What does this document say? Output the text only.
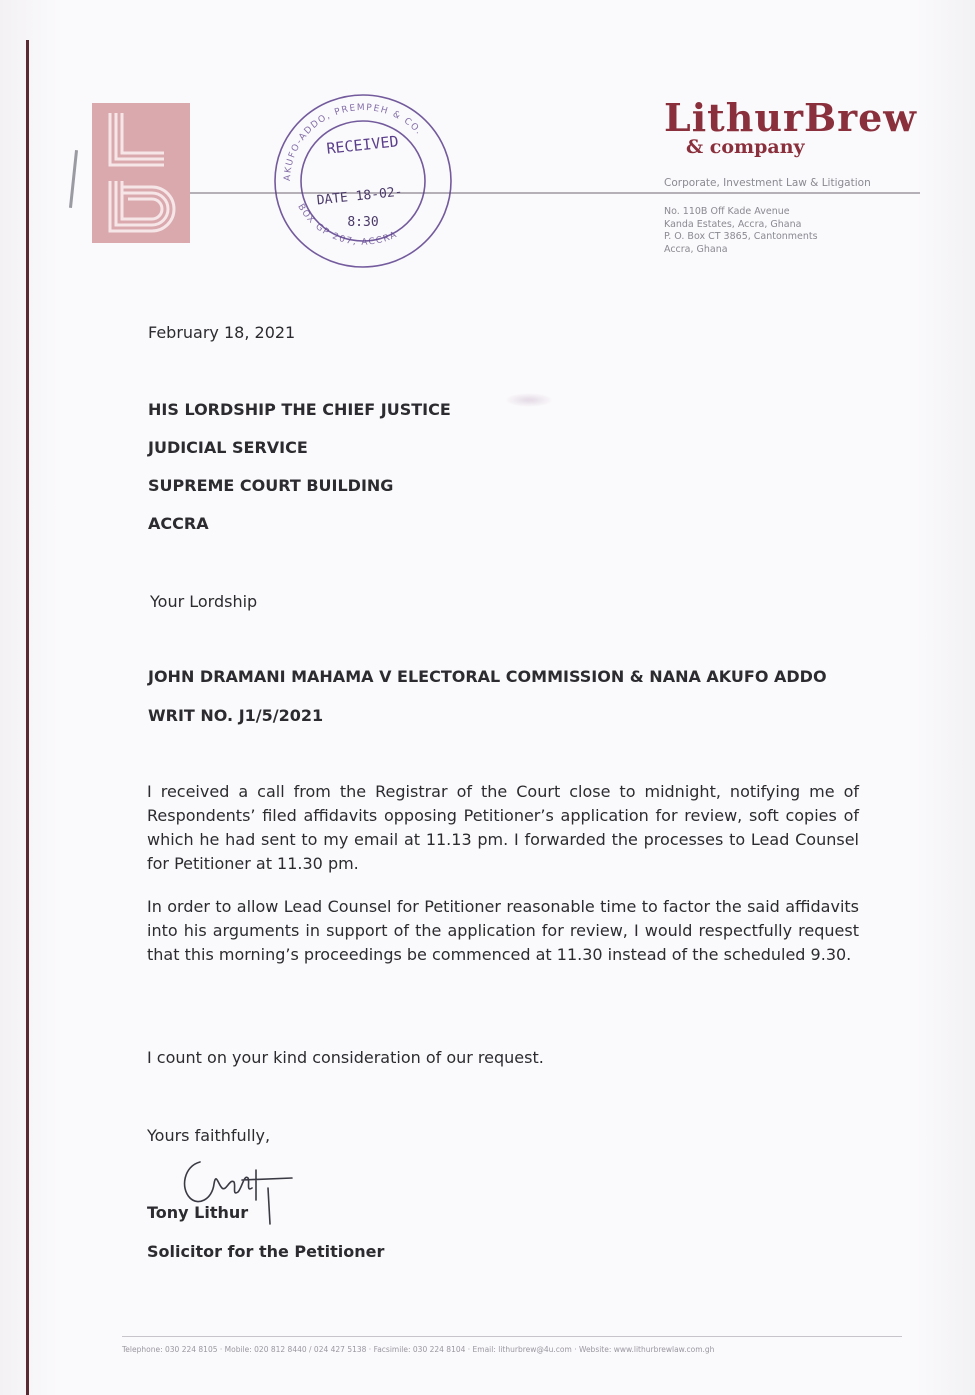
AKUFO-ADDO, PREMPEH & CO.
BOX GP 207, ACCRA
RECEIVED
DATE 18-02-
8:30
LithurBrew
& company
Corporate, Investment Law & Litigation
No. 110B Off Kade Avenue
Kanda Estates, Accra, Ghana
P. O. Box CT 3865, Cantonments
Accra, Ghana
February 18, 2021
HIS LORDSHIP THE CHIEF JUSTICE
JUDICIAL SERVICE
SUPREME COURT BUILDING
ACCRA
Your Lordship
JOHN DRAMANI MAHAMA V ELECTORAL COMMISSION & NANA AKUFO ADDO
WRIT NO. J1/5/2021
I received a call from the Registrar of the Court close to midnight, notifying me of Respondents’ filed affidavits opposing Petitioner’s application for review, soft copies of which he had sent to my email at 11.13 pm. I forwarded the processes to Lead Counsel for Petitioner at 11.30 pm.
In order to allow Lead Counsel for Petitioner reasonable time to factor the said affidavits into his arguments in support of the application for review, I would respectfully request that this morning’s proceedings be commenced at 11.30 instead of the scheduled 9.30.
I count on your kind consideration of our request.
Yours faithfully,
Tony Lithur
Solicitor for the Petitioner
Telephone: 030 224 8105 · Mobile: 020 812 8440 / 024 427 5138 · Facsimile: 030 224 8104 · Email: lithurbrew@4u.com · Website: www.lithurbrewlaw.com.gh
